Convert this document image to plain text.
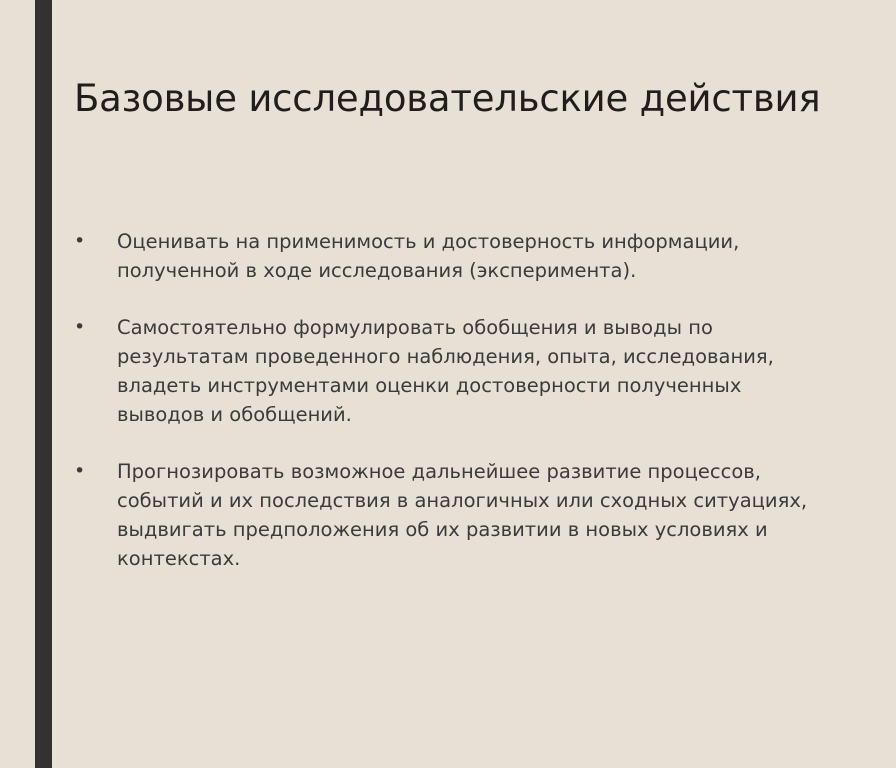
Базовые исследовательские действия
•	Оценивать на применимость и достоверность информации, полученной в ходе исследования (эксперимента).
•	Самостоятельно формулировать обобщения и выводы по результатам проведенного наблюдения, опыта, исследования, владеть инструментами оценки достоверности полученных выводов и обобщений.
•	Прогнозировать возможное дальнейшее развитие процессов, событий и их последствия в аналогичных или сходных ситуациях, выдвигать предположения об их развитии в новых условиях и контекстах.
